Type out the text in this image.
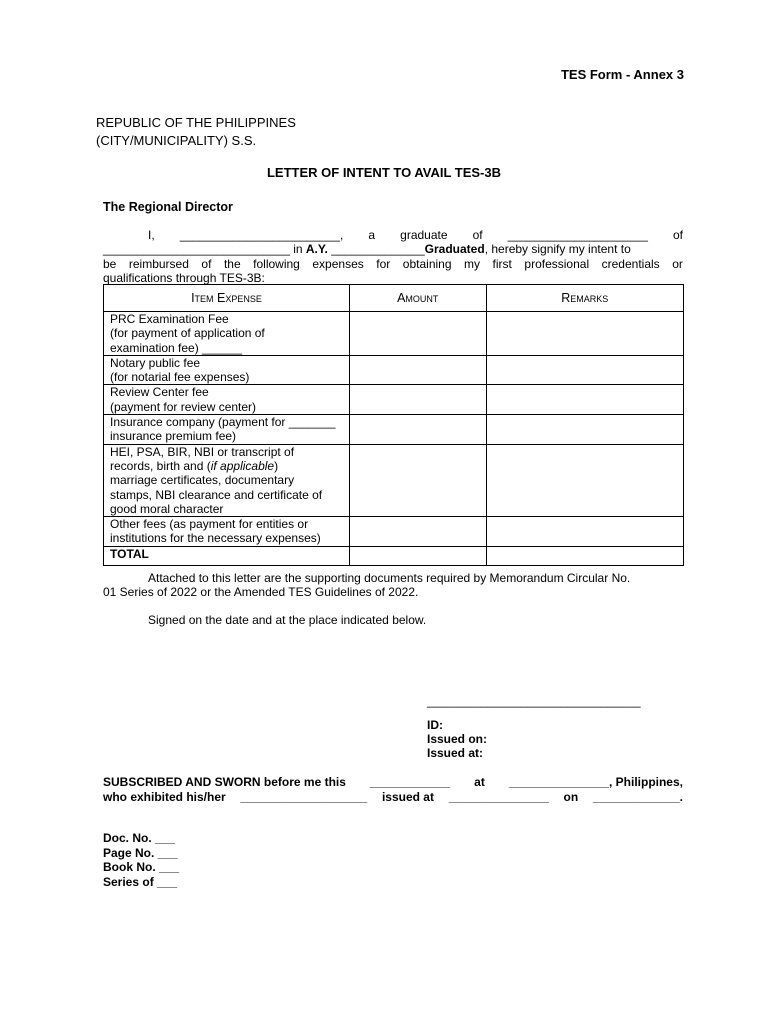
TES Form - Annex 3
REPUBLIC OF THE PHILIPPINES
(CITY/MUNICIPALITY) S.S.
LETTER OF INTENT TO AVAIL TES-3B
The Regional Director
I, ________________________, a graduate of _____________________ of
____________________________ in A.Y. ______________ Graduated , hereby signify my intent to
be reimbursed of the following expenses for obtaining my first professional credentials or
qualifications through TES-3B:
Item Expense	Amount	Remarks

PRC Examination Fee
(for payment of application of
examination fee) ______		

Notary public fee
(for notarial fee expenses)		

Review Center fee
(payment for review center)		

Insurance company (payment for _______
insurance premium fee)		

HEI, PSA, BIR, NBI or transcript of
records, birth and (if applicable)
marriage certificates, documentary
stamps, NBI clearance and certificate of
good moral character		

Other fees (as payment for entities or
institutions for the necessary expenses)		

TOTAL		
Attached to this letter are the supporting documents required by Memorandum Circular No.
01 Series of 2022 or the Amended TES Guidelines of 2022.
Signed on the date and at the place indicated below.
________________________________
ID:
Issued on:
Issued at:
SUBSCRIBED AND SWORN before me this ____________ at _______________, Philippines,
who exhibited his/her ___________________ issued at _______________ on _____________.
Doc. No. ___
Page No. ___
Book No. ___
Series of ___
